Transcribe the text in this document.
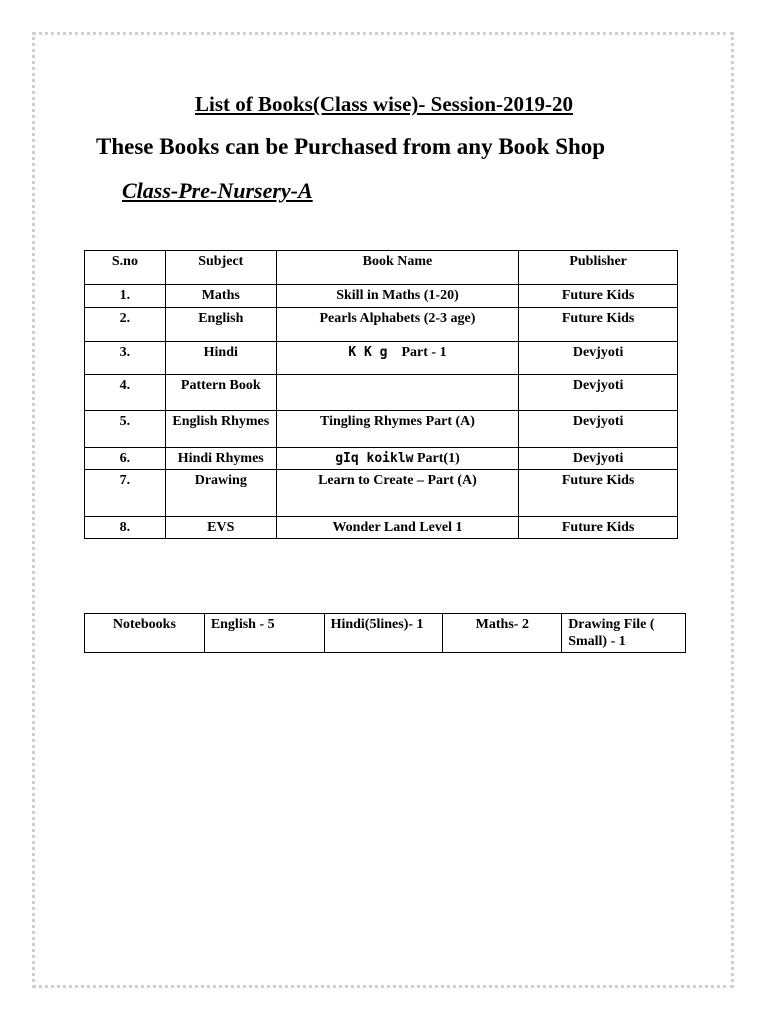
List of Books(Class wise)- Session-2019-20
These Books can be Purchased from any Book Shop
Class-Pre-Nursery-A
S.no	Subject	Book Name	Publisher
1.	Maths	Skill in Maths (1-20)	Future Kids
2.	English	Pearls Alphabets (2-3 age)	Future Kids
3.	Hindi	K K g Part - 1	Devjyoti
4.	Pattern Book		Devjyoti
5.	English Rhymes	Tingling Rhymes Part (A)	Devjyoti
6.	Hindi Rhymes	gIq koiklw Part(1)	Devjyoti
7.	Drawing	Learn to Create – Part (A)	Future Kids
8.	EVS	Wonder Land Level 1	Future Kids
Notebooks	English - 5	Hindi(5lines)- 1	Maths- 2	Drawing File ( Small) - 1
